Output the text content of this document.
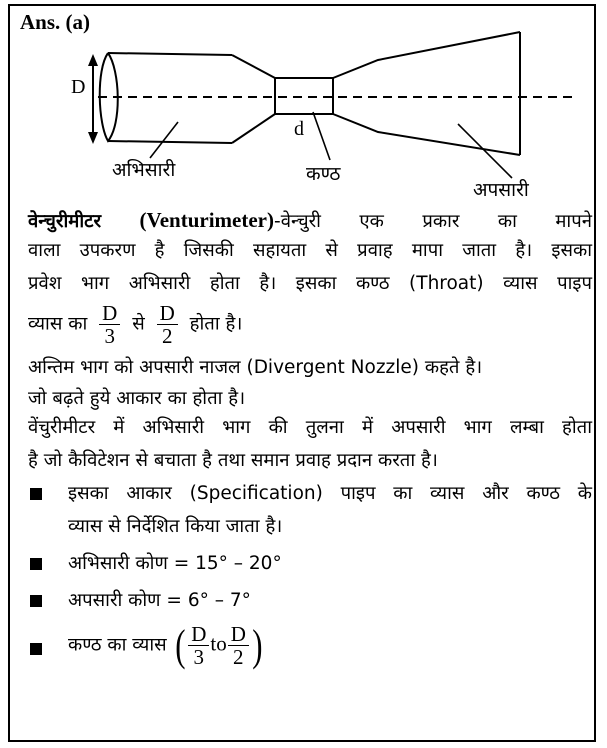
Ans. (a)
D
d
अभिसारी	कण्ठ
अपसारी
वेन्चुरीमीटर (Venturimeter)-वेन्चुरी एक प्रकार का मापने
वाला उपकरण है जिसकी सहायता से प्रवाह मापा जाता है। इसका
प्रवेश भाग अभिसारी होता है। इसका कण्ठ (Throat) व्यास पाइप
व्यास का $\frac{D}{3}$ से $\frac{D}{2}$ होता है।
अन्तिम भाग को अपसारी नाजल (Divergent Nozzle) कहते है।
जो बढ़ते हुये आकार का होता है।
वेंचुरीमीटर में अभिसारी भाग की तुलना में अपसारी भाग लम्बा होता
है जो कैविटेशन से बचाता है तथा समान प्रवाह प्रदान करता है।
इसका आकार (Specification) पाइप का व्यास और कण्ठ के
व्यास से निर्देशित किया जाता है।
अभिसारी कोण = 15° – 20°
अपसारी कोण = 6° – 7°
कण्ठ का व्यास ( $\frac{D}{3}$ to $\frac{D}{2}$ )
